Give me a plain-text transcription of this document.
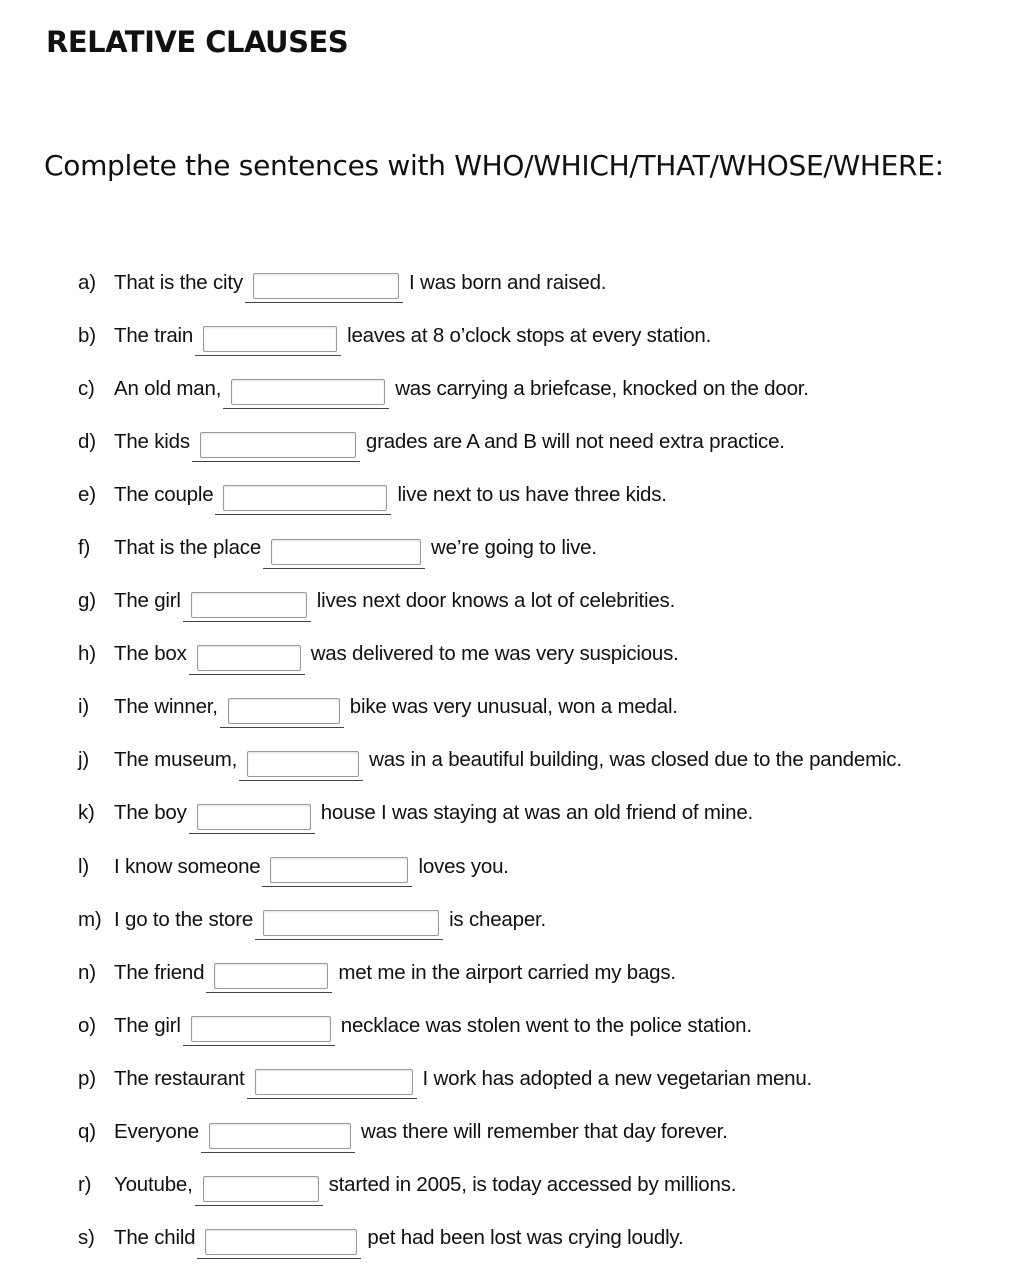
RELATIVE CLAUSES

Complete the sentences with WHO/WHICH/THAT/WHOSE/WHERE:

a) That is the city	I was born and raised.
b) The train	leaves at 8 o’clock stops at every station.
c) An old man,	was carrying a briefcase, knocked on the door.
d) The kids	grades are A and B will not need extra practice.
e) The couple	live next to us have three kids.
f)	That is the place	we’re going to live.
g) The girl	lives next door knows a lot of celebrities.
h) The box	was delivered to me was very suspicious.
i)	The winner,	bike was very unusual, won a medal.
j)	The museum,	was in a beautiful building, was closed due to the pandemic.
k) The boy	house I was staying at was an old friend of mine.
l)	I know someone	loves you.
m) I go to the store	is cheaper.
n) The friend	met me in the airport carried my bags.
o) The girl	necklace was stolen went to the police station.
p) The restaurant	I work has adopted a new vegetarian menu.
q) Everyone	was there will remember that day forever.
r)	Youtube,	started in 2005, is today accessed by millions.
s) The child	pet had been lost was crying loudly.
